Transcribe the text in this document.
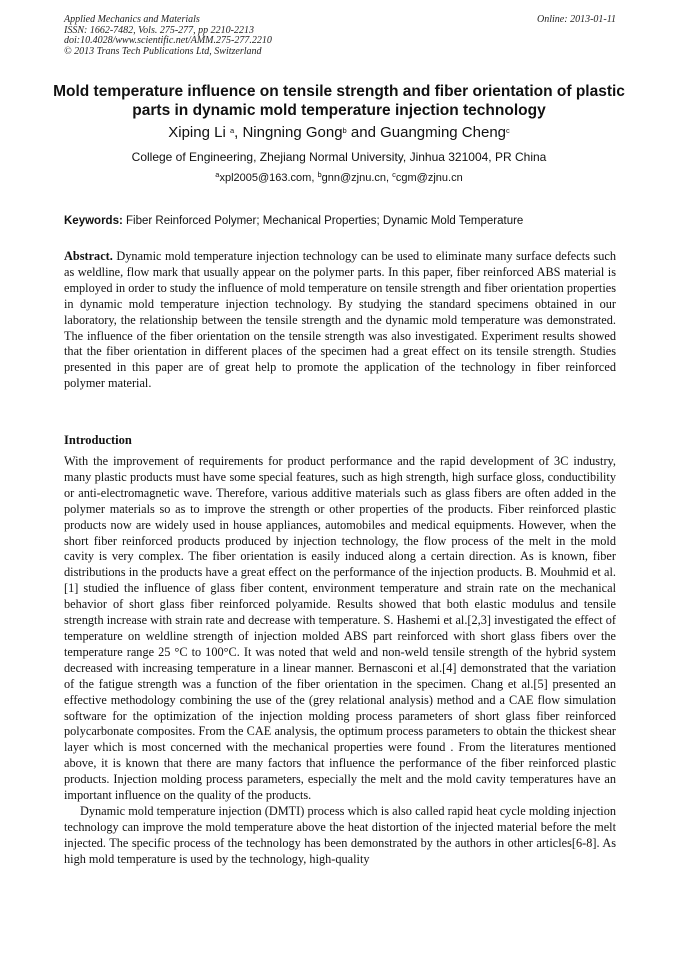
Applied Mechanics and Materials
ISSN: 1662-7482, Vols. 275-277, pp 2210-2213
doi:10.4028/www.scientific.net/AMM.275-277.2210
© 2013 Trans Tech Publications Ltd, Switzerland
Online: 2013-01-11
Mold temperature influence on tensile strength and fiber orientation of plastic parts in dynamic mold temperature injection technology
Xiping Li $^a$, Ningning Gong$^b$ and Guangming Cheng$^c$
College of Engineering, Zhejiang Normal University, Jinhua 321004, PR China
$^a$xpl2005@163.com, $^b$gnn@zjnu.cn, $^c$cgm@zjnu.cn
Keywords: Fiber Reinforced Polymer; Mechanical Properties; Dynamic Mold Temperature
Abstract. Dynamic mold temperature injection technology can be used to eliminate many surface defects such as weldline, flow mark that usually appear on the polymer parts. In this paper, fiber reinforced ABS material is employed in order to study the influence of mold temperature on tensile strength and fiber orientation properties in dynamic mold temperature injection technology. By studying the standard specimens obtained in our laboratory, the relationship between the tensile strength and the dynamic mold temperature was demonstrated. The influence of the fiber orientation on the tensile strength was also investigated. Experiment results showed that the fiber orientation in different places of the specimen had a great effect on its tensile strength. Studies presented in this paper are of great help to promote the application of the technology in fiber reinforced polymer material.
Introduction

With the improvement of requirements for product performance and the rapid development of 3C industry, many plastic products must have some special features, such as high strength, high surface gloss, conductibility or anti-electromagnetic wave. Therefore, various additive materials such as glass fibers are often added in the polymer materials so as to improve the strength or other properties of the products. Fiber reinforced plastic products now are widely used in house appliances, automobiles and medical equipments. However, when the short fiber reinforced products produced by injection technology, the flow process of the melt in the mold cavity is very complex. The fiber orientation is easily induced along a certain direction. As is known, fiber distributions in the products have a great effect on the performance of the injection products. B. Mouhmid et al. [1] studied the influence of glass fiber content, environment temperature and strain rate on the mechanical behavior of short glass fiber reinforced polyamide. Results showed that both elastic modulus and tensile strength increase with strain rate and decrease with temperature. S. Hashemi et al.[2,3] investigated the effect of temperature on weldline strength of injection molded ABS part reinforced with short glass fibers over the temperature range 25 °C to 100°C. It was noted that weld and non-weld tensile strength of the hybrid system decreased with increasing temperature in a linear manner. Bernasconi et al.[4] demonstrated that the variation of the fatigue strength was a function of the fiber orientation in the specimen. Chang et al.[5] presented an effective methodology combining the use of the (grey relational analysis) method and a CAE flow simulation software for the optimization of the injection molding process parameters of short glass fiber reinforced polycarbonate composites. From the CAE analysis, the optimum process parameters to obtain the thickest shear layer which is most concerned with the mechanical properties were found . From the literatures mentioned above, it is known that there are many factors that influence the performance of the fiber reinforced plastic products. Injection molding process parameters, especially the melt and the mold cavity temperatures have an important influence on the quality of the products.

Dynamic mold temperature injection (DMTI) process which is also called rapid heat cycle molding injection technology can improve the mold temperature above the heat distortion of the injected material before the melt injected. The specific process of the technology has been demonstrated by the authors in other articles[6-8]. As high mold temperature is used by the technology, high-quality
